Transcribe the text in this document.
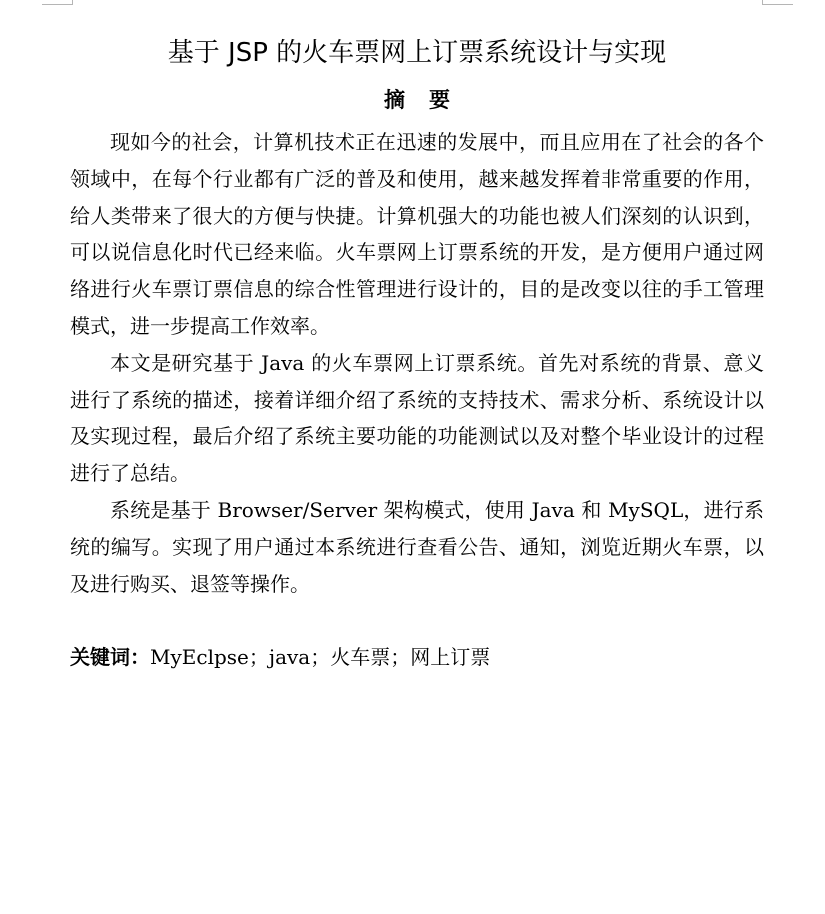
基于 JSP 的火车票网上订票系统设计与实现
摘要

现如今的社会，计算机技术正在迅速的发展中，而且应用在了社会的各个领域中，在每个行业都有广泛的普及和使用，越来越发挥着非常重要的作用，给人类带来了很大的方便与快捷。计算机强大的功能也被人们深刻的认识到，可以说信息化时代已经来临。火车票网上订票系统的开发，是方便用户通过网络进行火车票订票信息的综合性管理进行设计的，目的是改变以往的手工管理模式，进一步提高工作效率。

本文是研究基于 Java 的火车票网上订票系统。首先对系统的背景、意义进行了系统的描述，接着详细介绍了系统的支持技术、需求分析、系统设计以及实现过程，最后介绍了系统主要功能的功能测试以及对整个毕业设计的过程进行了总结。

系统是基于 Browser/Server 架构模式，使用 Java 和 MySQL，进行系统的编写。实现了用户通过本系统进行查看公告、通知，浏览近期火车票，以及进行购买、退签等操作。

关键词：MyEclpse；java；火车票；网上订票
